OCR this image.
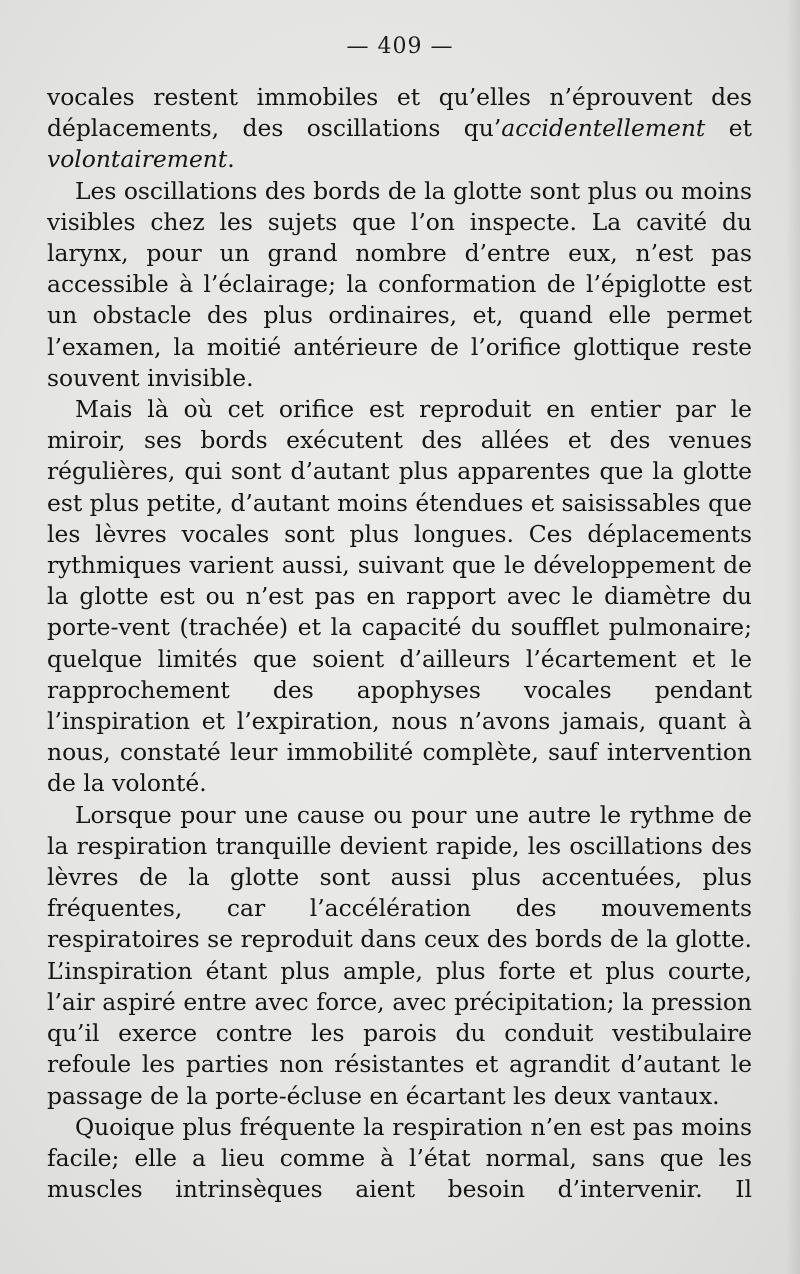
— 409 —

vocales restent immobiles et qu’elles n’éprouvent des déplacements, des oscillations qu’accidentellement et volontairement.

Les oscillations des bords de la glotte sont plus ou moins visibles chez les sujets que l’on inspecte. La cavité du larynx, pour un grand nombre d’entre eux, n’est pas accessible à l’éclairage; la conformation de l’épiglotte est un obstacle des plus ordinaires, et, quand elle permet l’examen, la moitié antérieure de l’orifice glottique reste souvent invisible.

Mais là où cet orifice est reproduit en entier par le miroir, ses bords exécutent des allées et des venues régulières, qui sont d’autant plus apparentes que la glotte est plus petite, d’autant moins étendues et saisissables que les lèvres vocales sont plus longues. Ces déplacements rythmiques varient aussi, suivant que le développement de la glotte est ou n’est pas en rapport avec le diamètre du porte-vent (trachée) et la capacité du soufflet pulmonaire; quelque limités que soient d’ailleurs l’écartement et le rapprochement des apophyses vocales pendant l’inspiration et l’expiration, nous n’avons jamais, quant à nous, constaté leur immobilité complète, sauf intervention de la volonté.

Lorsque pour une cause ou pour une autre le rythme de la respiration tranquille devient rapide, les oscillations des lèvres de la glotte sont aussi plus accentuées, plus fréquentes, car l’accélération des mouvements respiratoires se reproduit dans ceux des bords de la glotte. L’inspiration étant plus ample, plus forte et plus courte, l’air aspiré entre avec force, avec précipitation; la pression qu’il exerce contre les parois du conduit vestibulaire refoule les parties non résistantes et agrandit d’autant le passage de la porte-écluse en écartant les deux vantaux.

Quoique plus fréquente la respiration n’en est pas moins facile; elle a lieu comme à l’état normal, sans que les muscles intrinsèques aient besoin d’intervenir. Il
